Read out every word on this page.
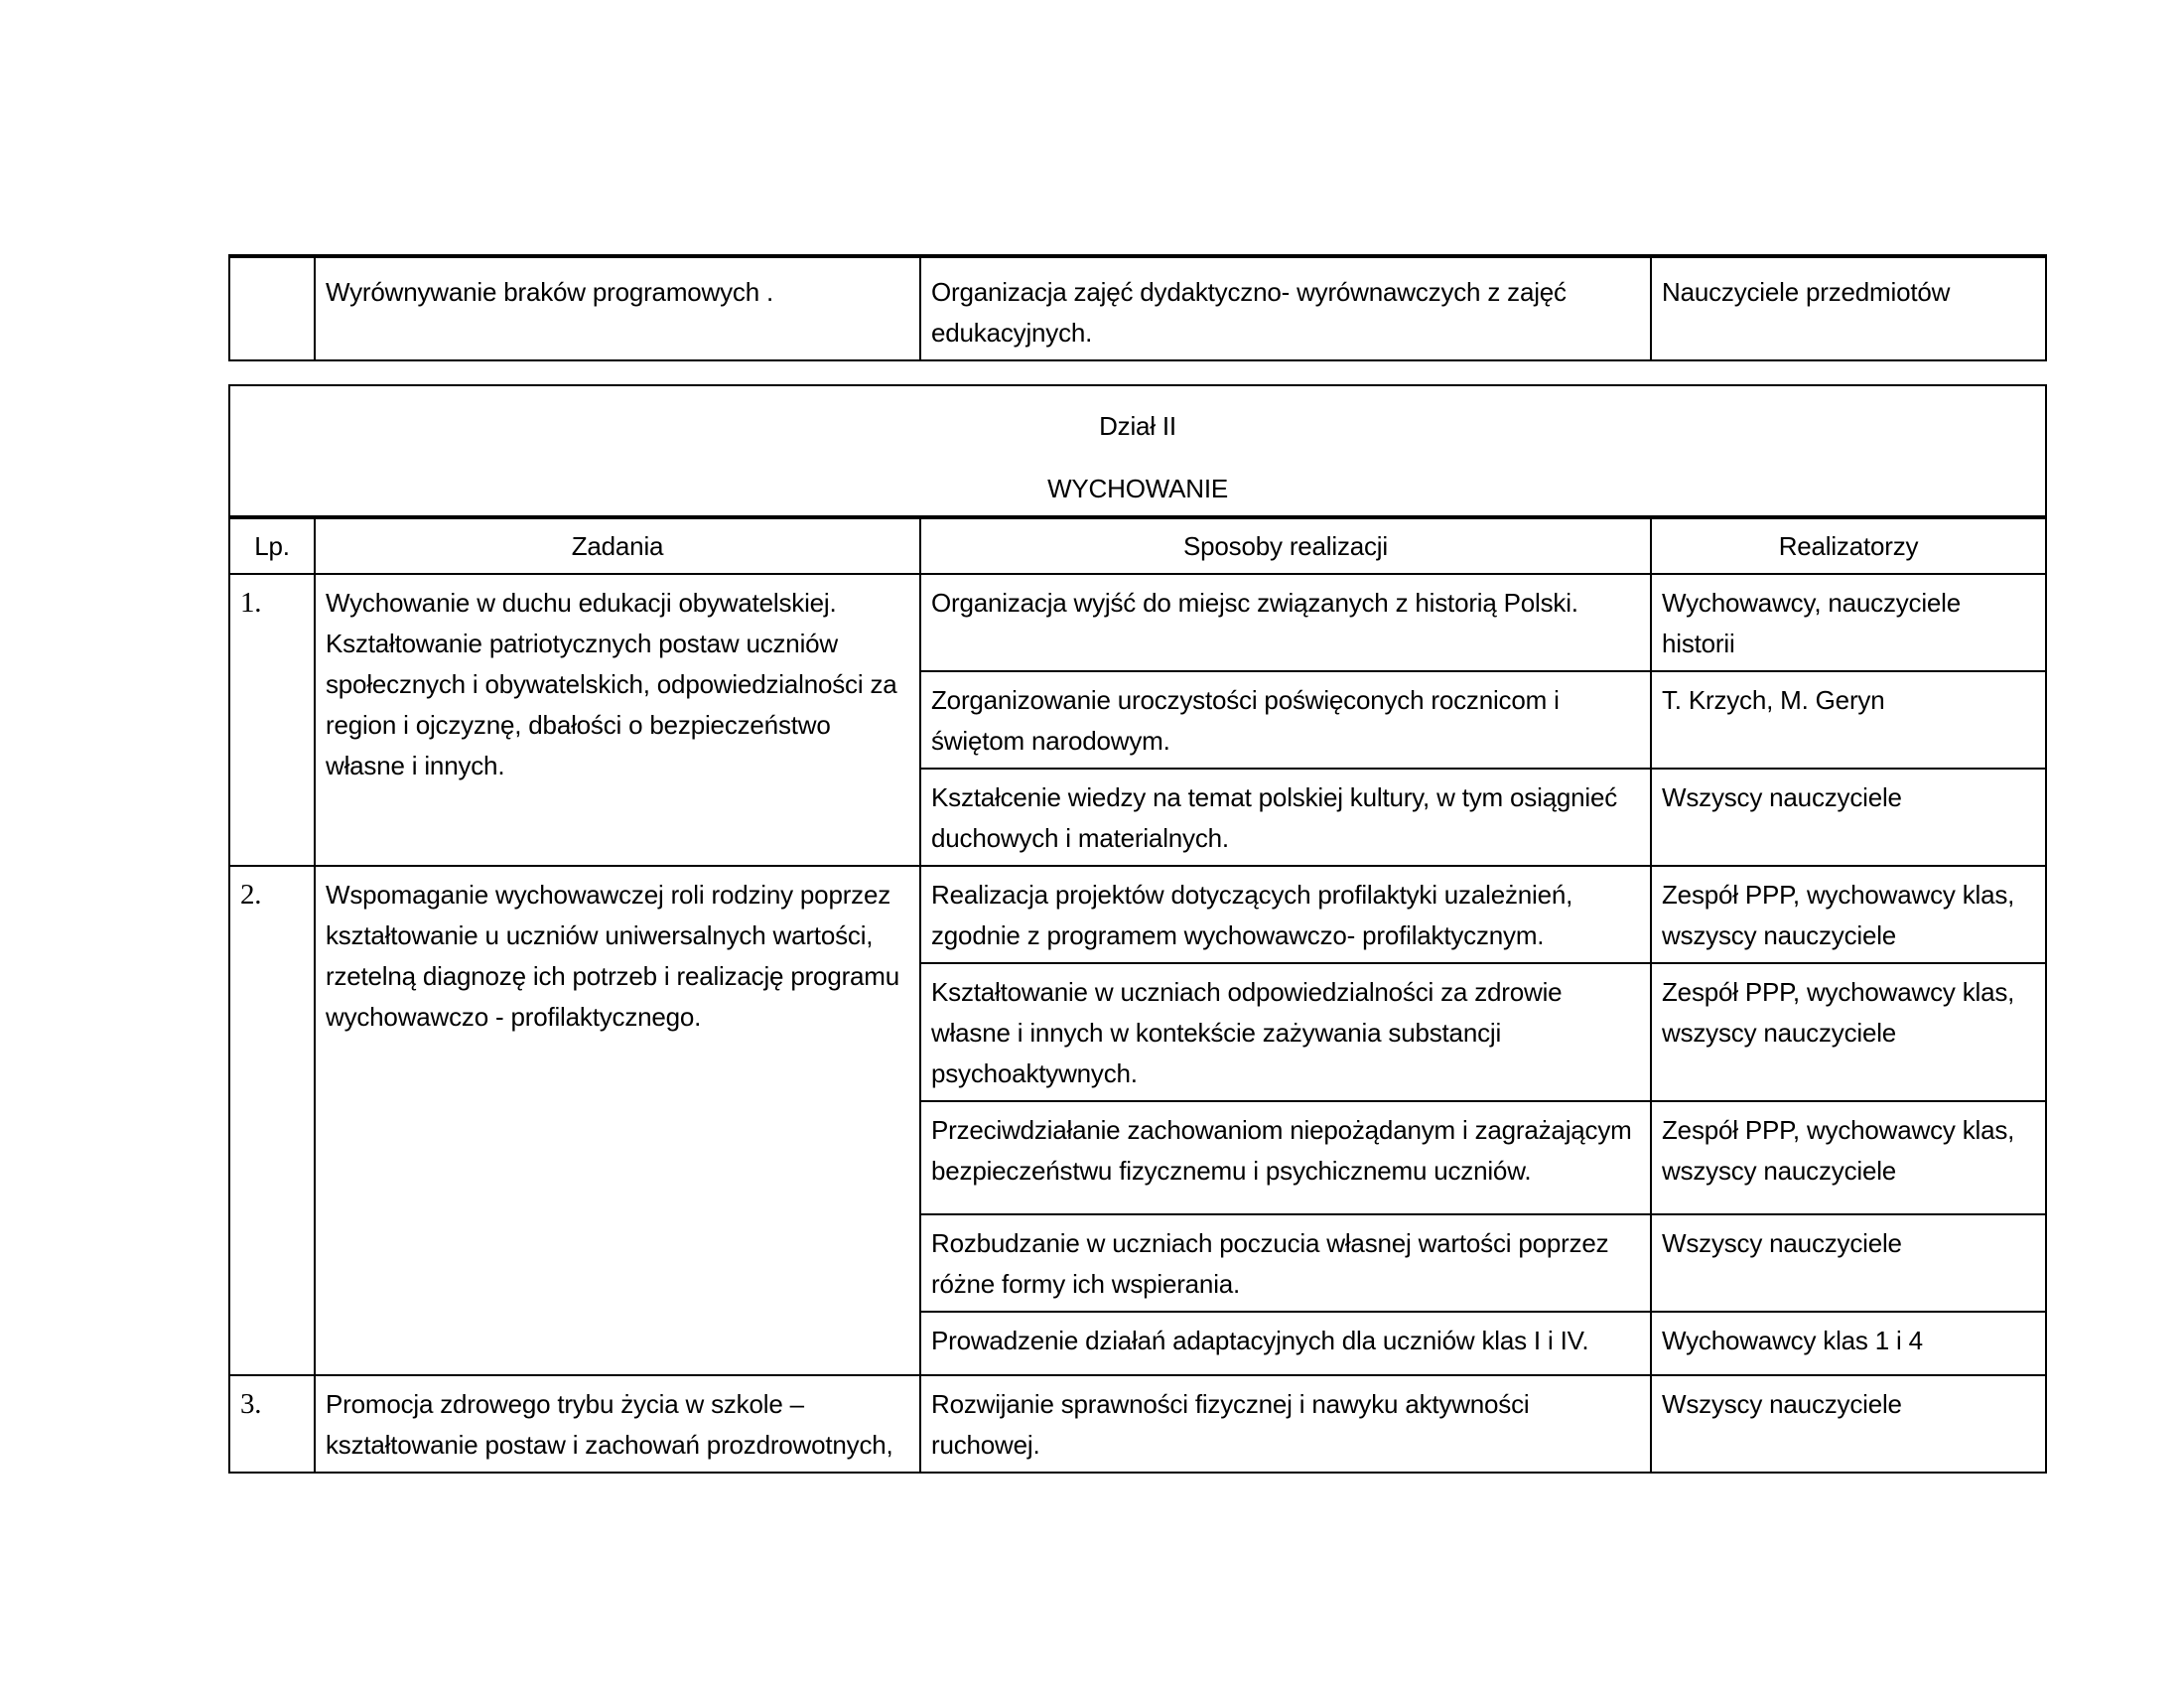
	Wyrównywanie braków programowych .	Organizacja zajęć dydaktyczno- wyrównawczych z zajęć edukacyjnych.	Nauczyciele przedmiotów
Dział II
WYCHOWANIE			

Lp.	Zadania	Sposoby realizacji	Realizatorzy
1.	Wychowanie w duchu edukacji obywatelskiej. Kształtowanie patriotycznych postaw uczniów społecznych i obywatelskich, odpowiedzialności za region i ojczyznę, dbałości o bezpieczeństwo własne i innych.	Organizacja wyjść do miejsc związanych z historią Polski.	Wychowawcy, nauczyciele historii
		Zorganizowanie uroczystości poświęconych rocznicom i świętom narodowym.	T. Krzych, M. Geryn
		Kształcenie wiedzy na temat polskiej kultury, w tym osiągnieć duchowych i materialnych.	Wszyscy nauczyciele
2.	Wspomaganie wychowawczej roli rodziny poprzez kształtowanie u uczniów uniwersalnych wartości, rzetelną diagnozę ich potrzeb i realizację programu wychowawczo - profilaktycznego.	Realizacja projektów dotyczących profilaktyki uzależnień, zgodnie z programem wychowawczo- profilaktycznym.	Zespół PPP, wychowawcy klas, wszyscy nauczyciele
		Kształtowanie w uczniach odpowiedzialności za zdrowie własne i innych w kontekście zażywania substancji psychoaktywnych.	Zespół PPP, wychowawcy klas, wszyscy nauczyciele
		Przeciwdziałanie zachowaniom niepożądanym i zagrażającym bezpieczeństwu fizycznemu i psychicznemu uczniów.	Zespół PPP, wychowawcy klas, wszyscy nauczyciele
		Rozbudzanie w uczniach poczucia własnej wartości poprzez różne formy ich wspierania.	Wszyscy nauczyciele
		Prowadzenie działań adaptacyjnych dla uczniów klas I i IV.	Wychowawcy klas 1 i 4
3.	Promocja zdrowego trybu życia w szkole – kształtowanie postaw i zachowań prozdrowotnych,	Rozwijanie sprawności fizycznej i nawyku aktywności ruchowej.	Wszyscy nauczyciele
